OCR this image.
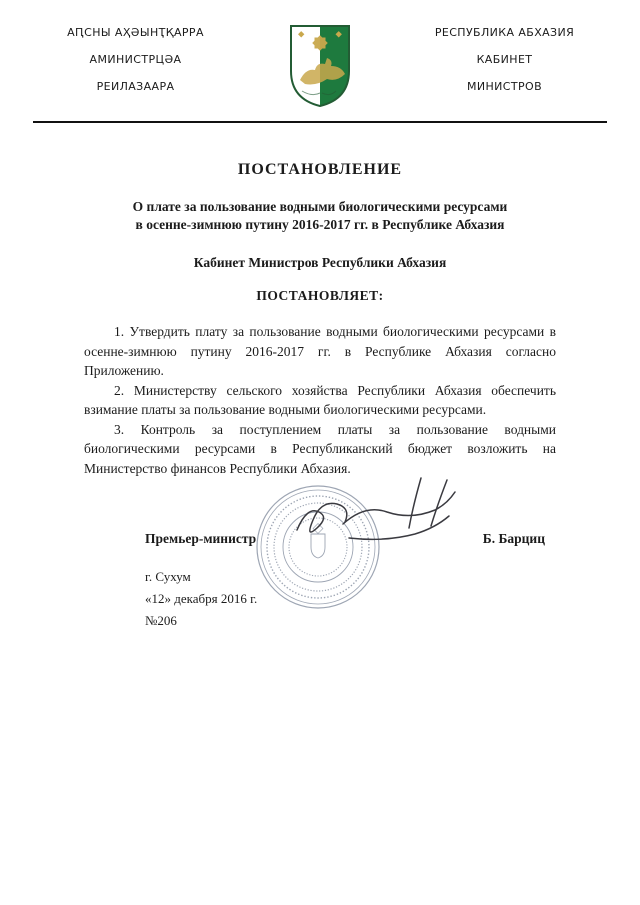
АԤСНЫ АҲӘЫНҬҚАРРА
АМИНИСТРЦӘА
РЕИЛАЗААРА
РЕСПУБЛИКА АБХАЗИЯ
КАБИНЕТ
МИНИСТРОВ
ПОСТАНОВЛЕНИЕ
О плате за пользование водными биологическими ресурсами
в осенне-зимнюю путину 2016-2017 гг. в Республике Абхазия
Кабинет Министров Республики Абхазия
ПОСТАНОВЛЯЕТ:

1. Утвердить плату за пользование водными биологическими ресурсами в осенне-зимнюю путину 2016-2017 гг. в Республике Абхазия согласно Приложению.

2. Министерству сельского хозяйства Республики Абхазия обеспечить взимание платы за пользование водными биологическими ресурсами.

3. Контроль за поступлением платы за пользование водными биологическими ресурсами в Республиканский бюджет возложить на Министерство финансов Республики Абхазия.

Премьер-министр	Б. Барциц
г. Сухум
«12» декабря 2016 г.
№206
